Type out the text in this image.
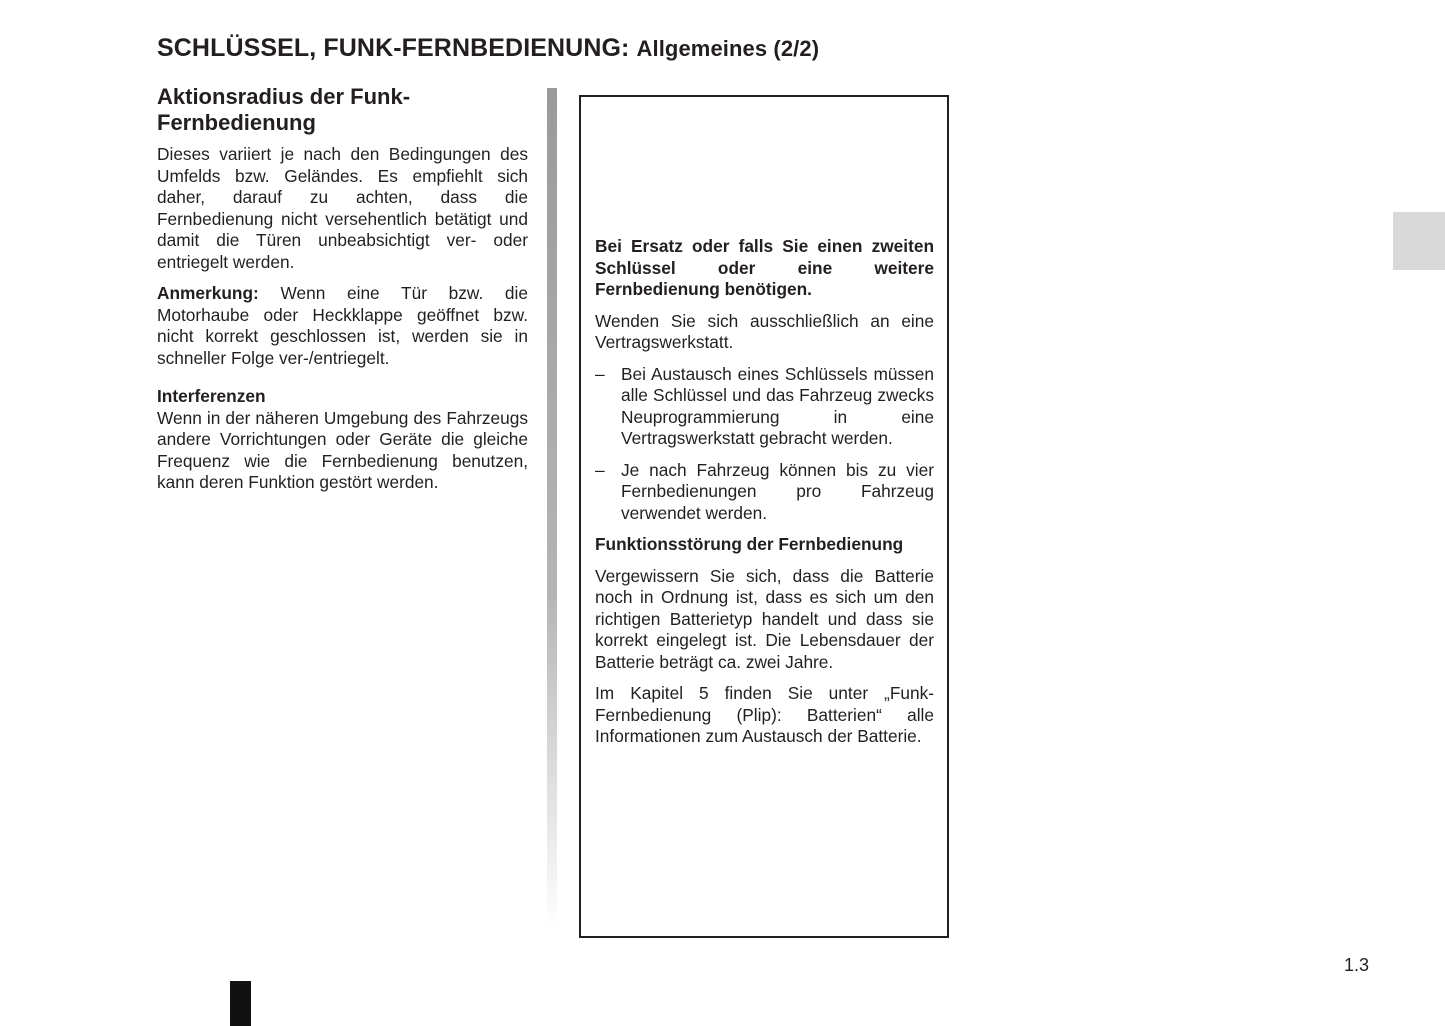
SCHLÜSSEL, FUNK-FERNBEDIENUNG: Allgemeines (2/2)
Aktionsradius der Funk-Fernbedienung

Dieses variiert je nach den Bedingungen des Umfelds bzw. Geländes. Es empfiehlt sich daher, darauf zu achten, dass die Fernbedienung nicht versehentlich betätigt und damit die Türen unbeabsichtigt ver- oder entriegelt werden.

Anmerkung: Wenn eine Tür bzw. die Motorhaube oder Heckklappe geöffnet bzw. nicht korrekt geschlossen ist, werden sie in schneller Folge ver-/entriegelt.

Interferenzen

Wenn in der näheren Umgebung des Fahrzeugs andere Vorrichtungen oder Geräte die gleiche Frequenz wie die Fernbedienung benutzen, kann deren Funktion gestört werden.

Bei Ersatz oder falls Sie einen zweiten Schlüssel oder eine weitere Fernbedienung benötigen.

Wenden Sie sich ausschließlich an eine Vertragswerkstatt.

– Bei Austausch eines Schlüssels müssen alle Schlüssel und das Fahrzeug zwecks Neuprogrammierung in eine Vertragswerkstatt gebracht werden.
– Je nach Fahrzeug können bis zu vier Fernbedienungen pro Fahrzeug verwendet werden.
Funktionsstörung der Fernbedienung

Vergewissern Sie sich, dass die Batterie noch in Ordnung ist, dass es sich um den richtigen Batterietyp handelt und dass sie korrekt eingelegt ist. Die Lebensdauer der Batterie beträgt ca. zwei Jahre.

Im Kapitel 5 finden Sie unter „Funk-Fernbedienung (Plip): Batterien“ alle Informationen zum Austausch der Batterie.

1.3
